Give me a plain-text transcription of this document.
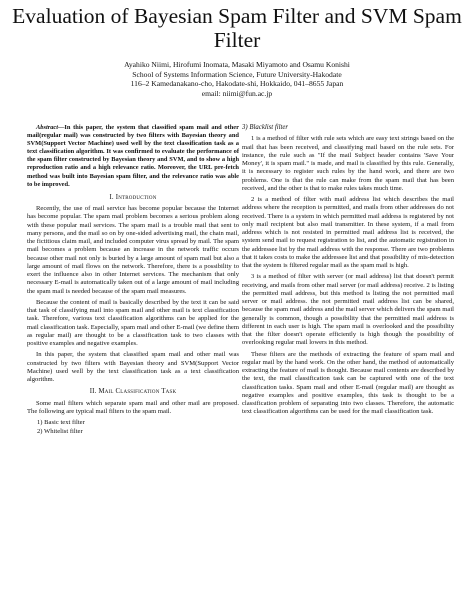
Evaluation of Bayesian Spam Filter and SVM Spam Filter
Ayahiko Niimi, Hirofumi Inomata, Masaki Miyamoto and Osamu Konishi
School of Systems Information Science, Future University-Hakodate
116–2 Kamedanakano-cho, Hakodate-shi, Hokkaido, 041–8655 Japan
email: niimi@fun.ac.jp

Abstract—In this paper, the system that classified spam mail and other mail(regular mail) was constructed by two filters with Bayesian theory and SVM(Support Vector Machine) used well by the text classification task as a text classification algorithm. It was confirmed to evaluate the performance of the spam filter constructed by Bayesian theory and SVM, and to show a high reproduction ratio and a high relevance ratio. Moreover, the URL pre-fetch method was built into Bayesian spam filter, and the relevance ratio was able to be improved.

I. Introduction

Recently, the use of mail service has become popular because the Internet has become popular. The spam mail problem becomes a serious problem along with these popular mail services. The spam mail is a trouble mail that sent to many persons, and the mail so on by one-sided advertising mail, the chain mail, the fictitious claim mail, and included computer virus spread by mail. The spam mail becomes a problem because an increase in the network traffic occurs because other mail not only is buried by a large amount of spam mail but also a large amount of mail flows on the network. Therefore, there is a possibility to exert the influence also in other Internet services. The mechanism that only necessary E-mail is automatically taken out of a large amount of mail including the spam mail is needed because of the spam mail measures.

Because the content of mail is basically described by the text it can be said that task of classifying mail into spam mail and other mail is text classification task. Therefore, various text classification algorithms can be applied for the mail classification task. Especially, spam mail and other E-mail (we define them as regular mail) are thought to be a classification task to two classes with positive examples and negative examples.

In this paper, the system that classified spam mail and other mail was constructed by two filters with Bayesian theory and SVM(Support Vector Machine) used well by the text classification task as a text classification algorithm.

II. Mail Classification Task

Some mail filters which separate spam mail and other mail are proposed. The following are typical mail filters to the spam mail.

1) Basic text filter
2) Whitelist filter
3) Blacklist filter

1 is a method of filter with rule sets which are easy text strings based on the mail that has been received, and classifying mail based on the rule sets. For instance, the rule such as "If the mail Subject header contains 'Save Your Money', it is spam mail." is made, and mail is classified by this rule. Generally, it is necessary to register such rules by the hand work, and there are two problems. One is that the rule can make from the spam mail that has been received, and the other is that to make rules takes much time.

2 is a method of filter with mail address list which describes the mail address where the reception is permitted, and mails from other addresses do not received. There is a system in which permitted mail address is registered by not only mail recipient but also mail transmitter. In these system, if a mail from address which is not resisted in permitted mail address list is received, the system send mail to request registration to list, and the automatic registration in the addressee list by the mail address with the response. There are two problems that it takes costs to make the addressee list and that possibility of mis-detection that the system is filtered regular mail as the spam mail is high.

3 is a method of filter with server (or mail address) list that doesn't permit receiving, and mails from other mail server (or mail address) receive. 2 is listing the permitted mail address, but this method is listing the not permitted mail server or mail address. the not permitted mail address list can be shared, because the spam mail address and the mail server which delivers the spam mail generally is common, though a possibility that the permitted mail address is different in each user is high. The spam mail is overlooked and the possibility that the filter doesn't operate efficiently is high though the possibility of overlooking regular mail lowers in this method.

These filters are the methods of extracting the feature of spam mail and regular mail by the hand work. On the other hand, the method of automatically extracting the feature of mail is thought. Because mail contents are described by the text, the mail classification task can be captured with one of the text classification tasks. Spam mail and other E-mail (regular mail) are thought as negative examples and positive examples, this task is thought to be a classification problem of separating into two classes. Therefore, the automatic text classification algorithms can be used for the mail classification task.
